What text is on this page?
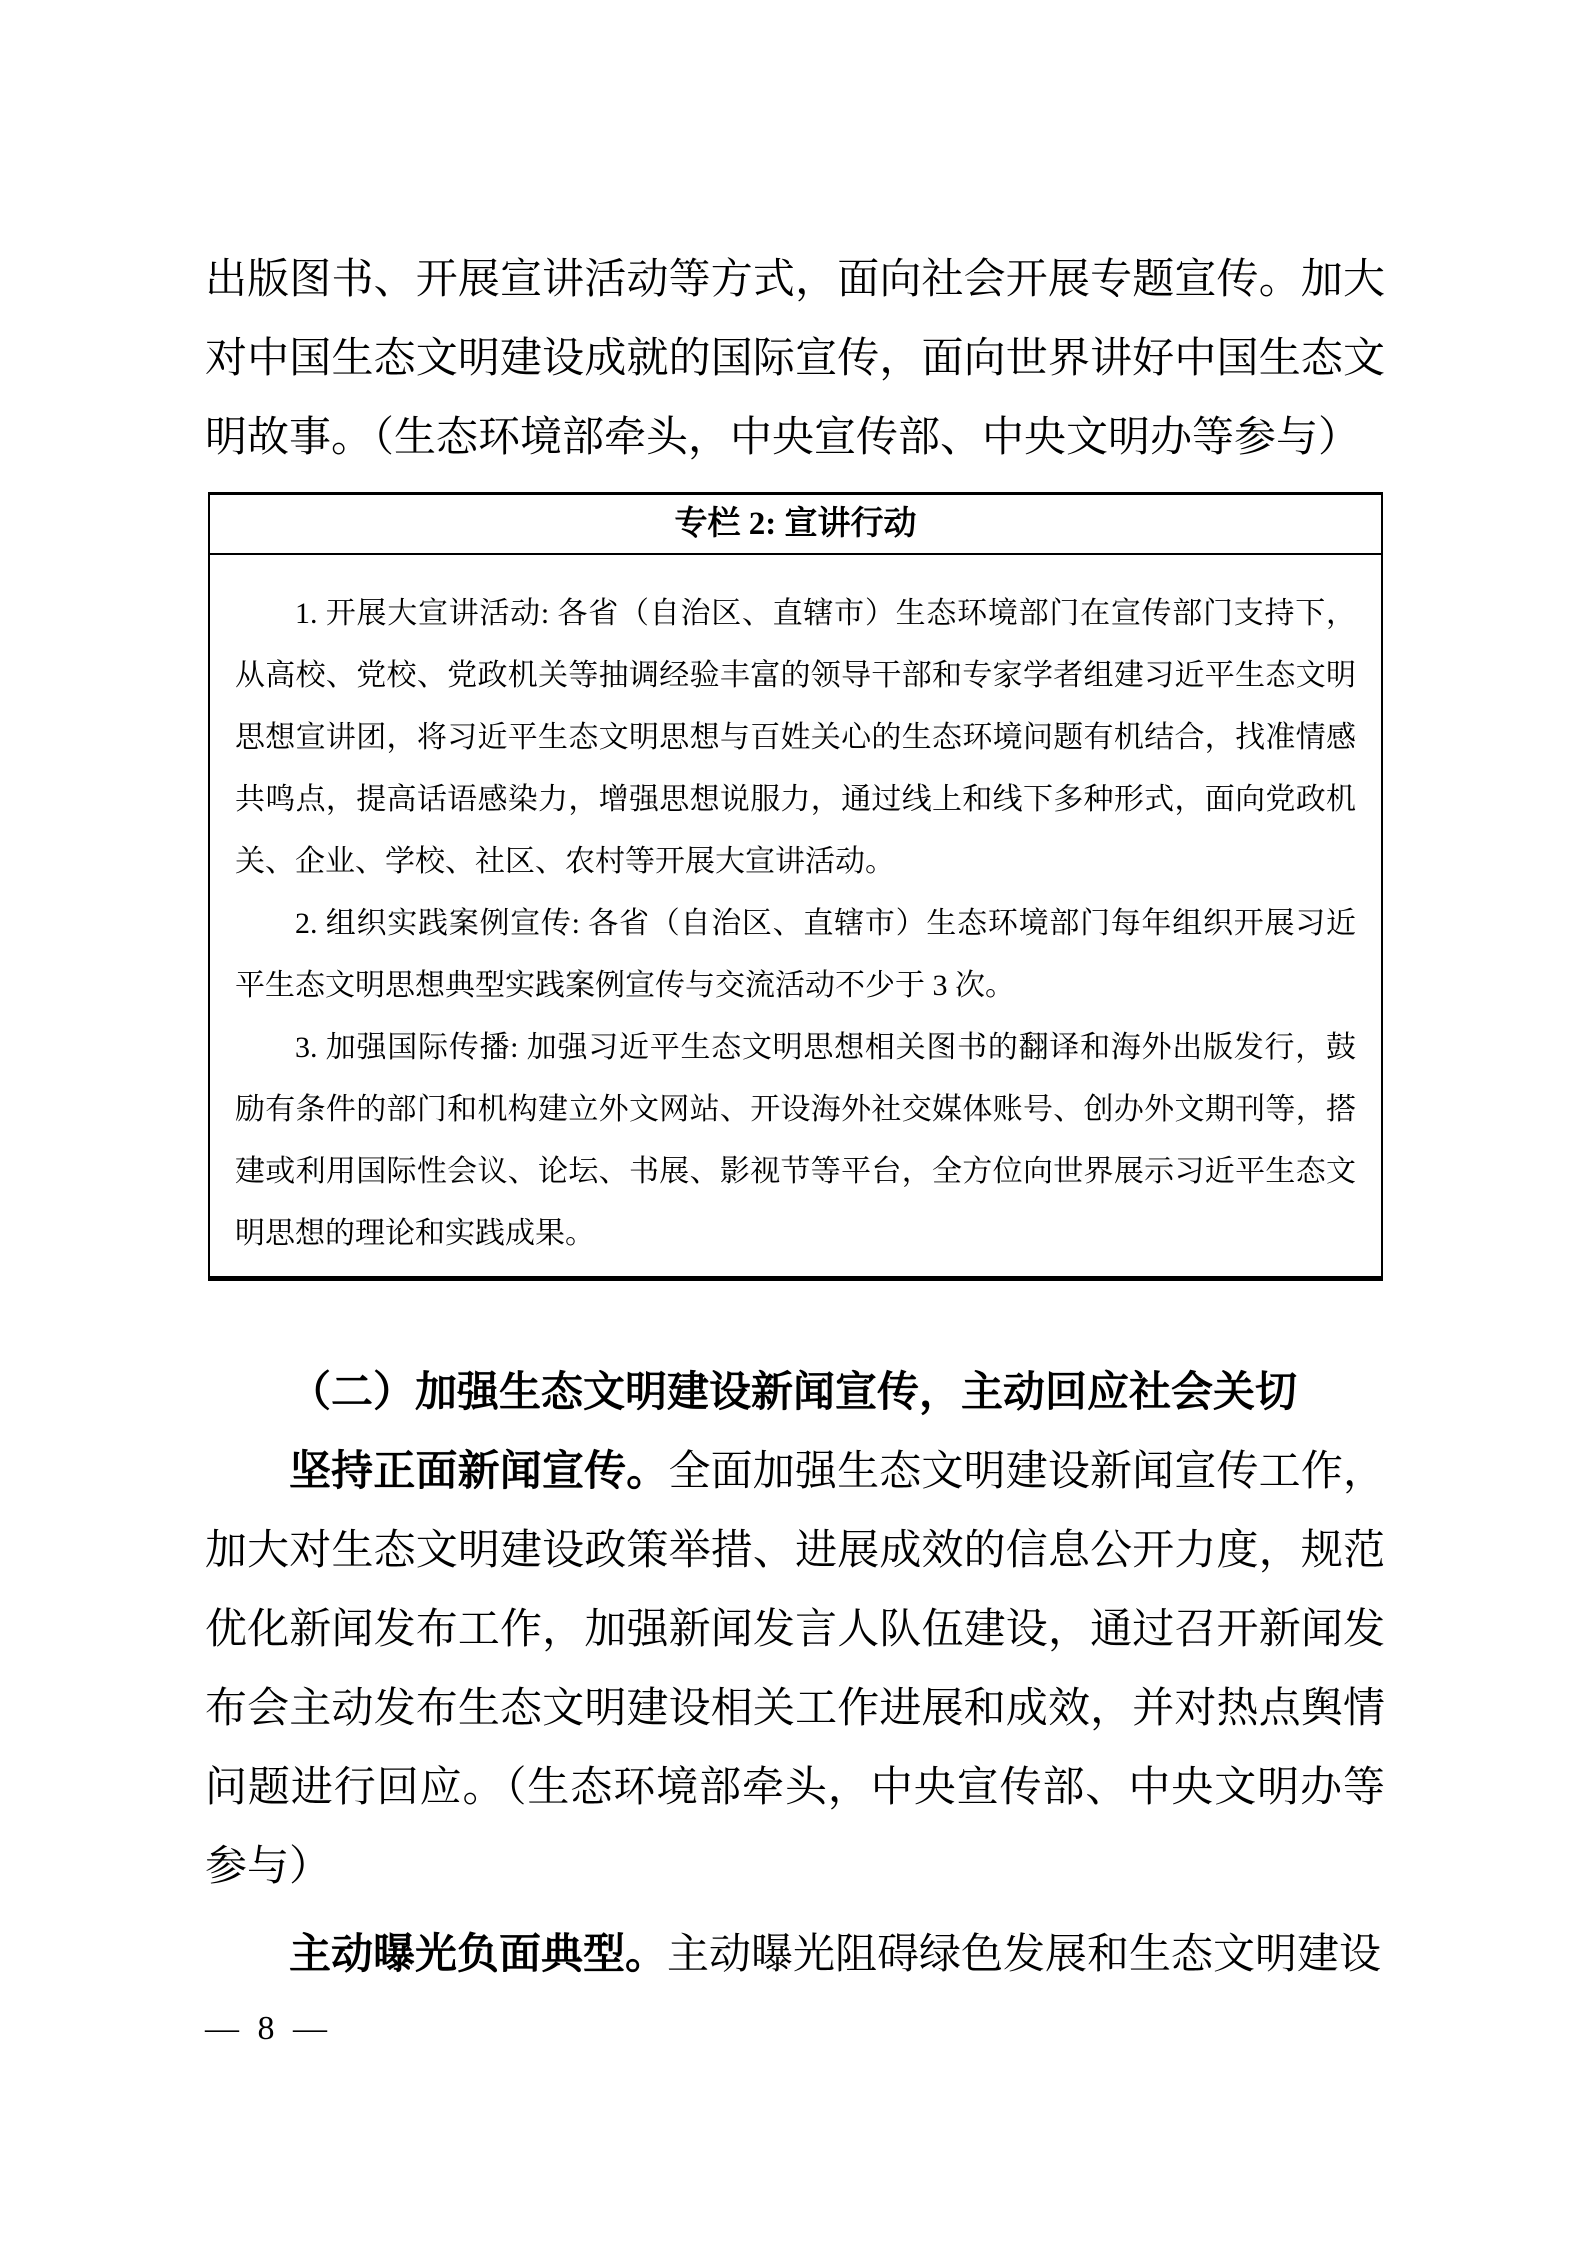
出版图书、开展宣讲活动等方式，面向社会开展专题宣传。加大对中国生态文明建设成就的国际宣传，面向世界讲好中国生态文明故事。（生态环境部牵头，中央宣传部、中央文明办等参与）

专栏 2: 宣讲行动

1. 开展大宣讲活动: 各省（自治区、直辖市）生态环境部门在宣传部门支持下，从高校、党校、党政机关等抽调经验丰富的领导干部和专家学者组建习近平生态文明思想宣讲团，将习近平生态文明思想与百姓关心的生态环境问题有机结合，找准情感共鸣点，提高话语感染力，增强思想说服力，通过线上和线下多种形式，面向党政机关、企业、学校、社区、农村等开展大宣讲活动。

2. 组织实践案例宣传: 各省（自治区、直辖市）生态环境部门每年组织开展习近平生态文明思想典型实践案例宣传与交流活动不少于 3 次。

3. 加强国际传播: 加强习近平生态文明思想相关图书的翻译和海外出版发行，鼓励有条件的部门和机构建立外文网站、开设海外社交媒体账号、创办外文期刊等，搭建或利用国际性会议、论坛、书展、影视节等平台，全方位向世界展示习近平生态文明思想的理论和实践成果。

（二）加强生态文明建设新闻宣传，主动回应社会关切

坚持正面新闻宣传。全面加强生态文明建设新闻宣传工作，加大对生态文明建设政策举措、进展成效的信息公开力度，规范优化新闻发布工作，加强新闻发言人队伍建设，通过召开新闻发布会主动发布生态文明建设相关工作进展和成效，并对热点舆情问题进行回应。（生态环境部牵头，中央宣传部、中央文明办等参与）

主动曝光负面典型。主动曝光阻碍绿色发展和生态文明建设

— 8 —
